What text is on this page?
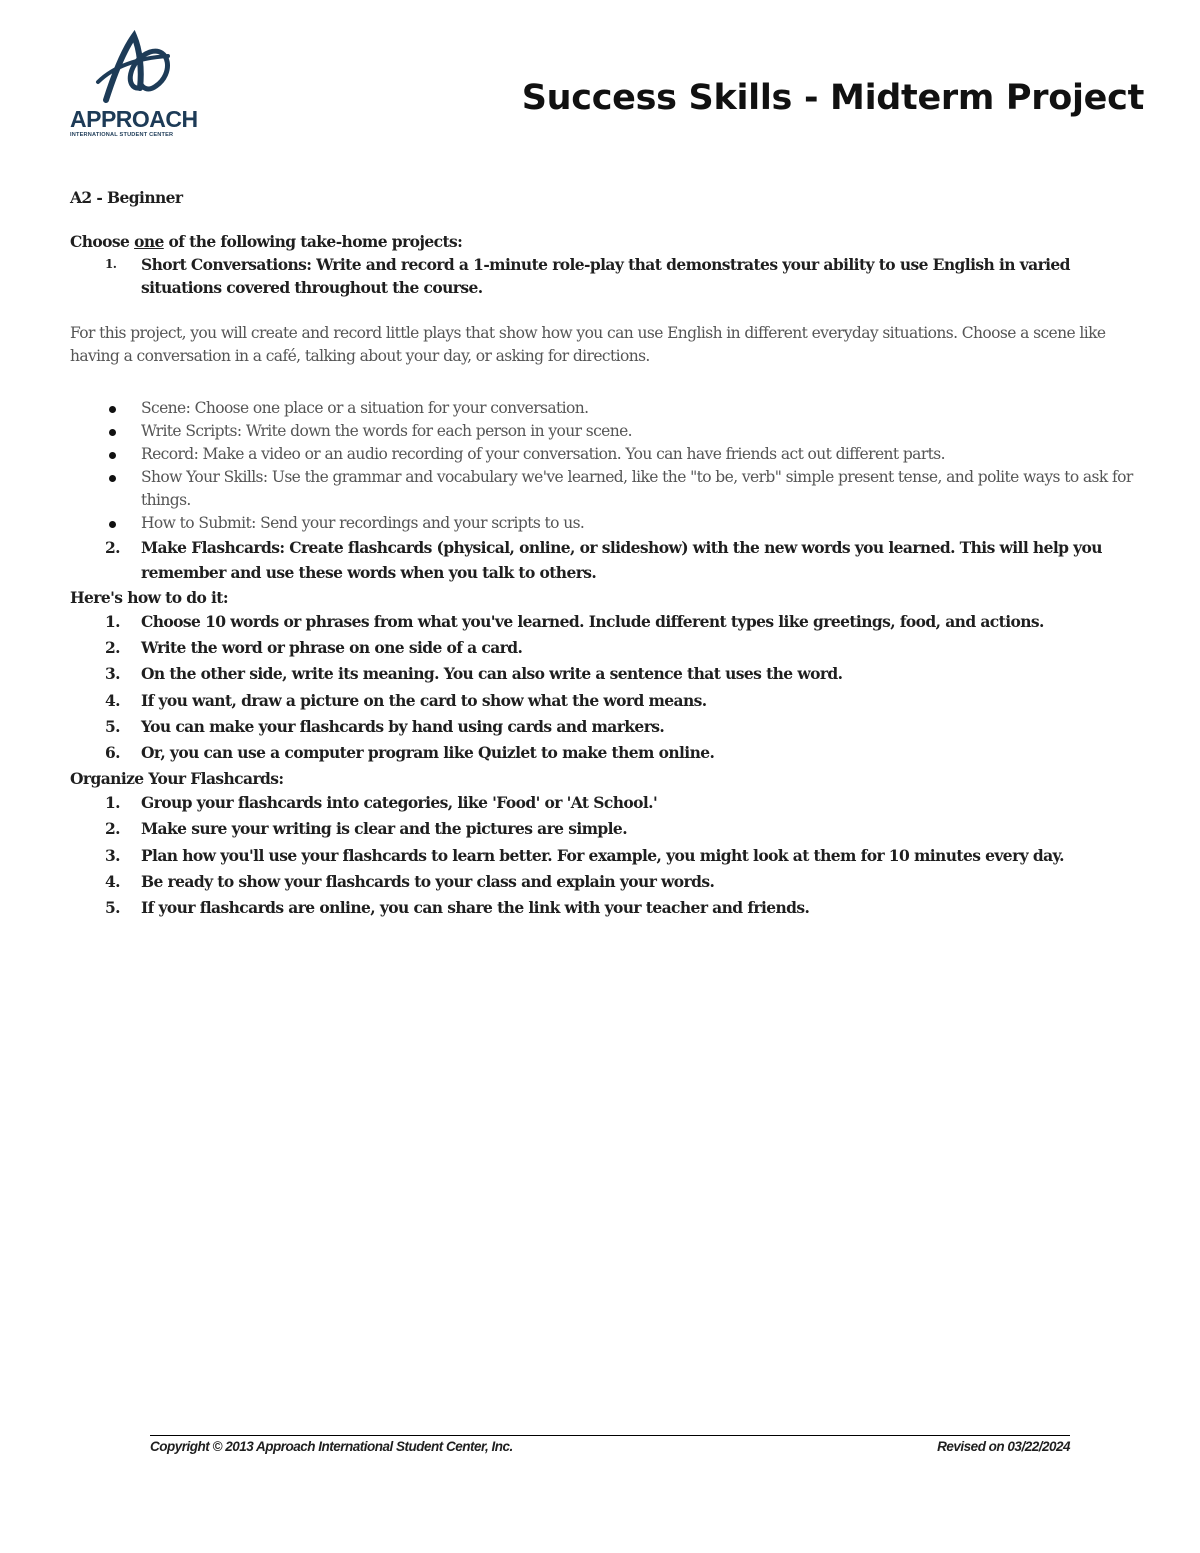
APPROACH
INTERNATIONAL STUDENT CENTER
Success Skills - Midterm Project

A2 - Beginner

Choose one of the following take-home projects:

1. Short Conversations: Write and record a 1-minute role-play that demonstrates your ability to use English in varied situations covered throughout the course.

For this project, you will create and record little plays that show how you can use English in different everyday situations. Choose a scene like having a conversation in a café, talking about your day, or asking for directions.

Scene: Choose one place or a situation for your conversation.
Write Scripts: Write down the words for each person in your scene.
Record: Make a video or an audio recording of your conversation. You can have friends act out different parts.
Show Your Skills: Use the grammar and vocabulary we've learned, like the "to be, verb" simple present tense, and polite ways to ask for things.
How to Submit: Send your recordings and your scripts to us.
2. Make Flashcards: Create flashcards (physical, online, or slideshow) with the new words you learned. This will help you remember and use these words when you talk to others.

Here's how to do it:

1. Choose 10 words or phrases from what you've learned. Include different types like greetings, food, and actions.
2. Write the word or phrase on one side of a card.
3. On the other side, write its meaning. You can also write a sentence that uses the word.
4. If you want, draw a picture on the card to show what the word means.
5. You can make your flashcards by hand using cards and markers.
6. Or, you can use a computer program like Quizlet to make them online.

Organize Your Flashcards:

1. Group your flashcards into categories, like 'Food' or 'At School.'
2. Make sure your writing is clear and the pictures are simple.
3. Plan how you'll use your flashcards to learn better. For example, you might look at them for 10 minutes every day.
4. Be ready to show your flashcards to your class and explain your words.
5. If your flashcards are online, you can share the link with your teacher and friends.
Copyright © 2013 Approach International Student Center, Inc.	Revised on 03/22/2024
